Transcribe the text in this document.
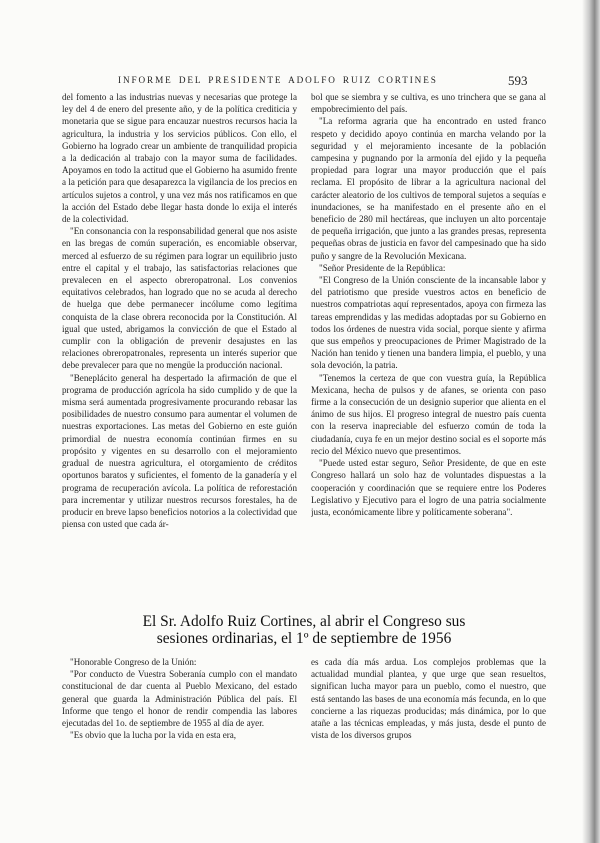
INFORME DEL PRESIDENTE ADOLFO RUIZ CORTINES	593

del fomento a las industrias nuevas y necesarias que protege la ley del 4 de enero del presente año, y de la política crediticia y monetaria que se sigue para encauzar nuestros recursos hacia la agricultura, la industria y los servicios públicos. Con ello, el Gobierno ha logrado crear un ambiente de tranquilidad propicia a la dedicación al trabajo con la mayor suma de facilidades. Apoyamos en todo la actitud que el Gobierno ha asumido frente a la petición para que desaparezca la vigilancia de los precios en artículos sujetos a control, y una vez más nos ratificamos en que la acción del Estado debe llegar hasta donde lo exija el interés de la colectividad.

"En consonancia con la responsabilidad general que nos asiste en las bregas de común superación, es encomiable observar, merced al esfuerzo de su régimen para lograr un equilibrio justo entre el capital y el trabajo, las satisfactorias relaciones que prevalecen en el aspecto obreropatronal. Los convenios equitativos celebrados, han logrado que no se acuda al derecho de huelga que debe permanecer incólume como legítima conquista de la clase obrera reconocida por la Constitución. Al igual que usted, abrigamos la convicción de que el Estado al cumplir con la obligación de prevenir desajustes en las relaciones obreropatronales, representa un interés superior que debe prevalecer para que no mengüe la producción nacional.

"Beneplácito general ha despertado la afirmación de que el programa de producción agrícola ha sido cumplido y de que la misma será aumentada progresivamente procurando rebasar las posibilidades de nuestro consumo para aumentar el volumen de nuestras exportaciones. Las metas del Gobierno en este guión primordial de nuestra economía continúan firmes en su propósito y vigentes en su desarrollo con el mejoramiento gradual de nuestra agricultura, el otorgamiento de créditos oportunos baratos y suficientes, el fomento de la ganadería y el programa de recuperación avícola. La política de reforestación para incrementar y utilizar nuestros recursos forestales, ha de producir en breve lapso beneficios notorios a la colectividad que piensa con usted que cada ár-

bol que se siembra y se cultiva, es uno trinchera que se gana al empobrecimiento del país.

"La reforma agraria que ha encontrado en usted franco respeto y decidido apoyo continúa en marcha velando por la seguridad y el mejoramiento incesante de la población campesina y pugnando por la armonía del ejido y la pequeña propiedad para lograr una mayor producción que el país reclama. El propósito de librar a la agricultura nacional del carácter aleatorio de los cultivos de temporal sujetos a sequías e inundaciones, se ha manifestado en el presente año en el beneficio de 280 mil hectáreas, que incluyen un alto porcentaje de pequeña irrigación, que junto a las grandes presas, representa pequeñas obras de justicia en favor del campesinado que ha sido puño y sangre de la Revolución Mexicana.

"Señor Presidente de la República:

"El Congreso de la Unión consciente de la incansable labor y del patriotismo que preside vuestros actos en beneficio de nuestros compatriotas aquí representados, apoya con firmeza las tareas emprendidas y las medidas adoptadas por su Gobierno en todos los órdenes de nuestra vida social, porque siente y afirma que sus empeños y preocupaciones de Primer Magistrado de la Nación han tenido y tienen una bandera limpia, el pueblo, y una sola devoción, la patria.

"Tenemos la certeza de que con vuestra guía, la República Mexicana, hecha de pulsos y de afanes, se orienta con paso firme a la consecución de un designio superior que alienta en el ánimo de sus hijos. El progreso integral de nuestro país cuenta con la reserva inapreciable del esfuerzo común de toda la ciudadanía, cuya fe en un mejor destino social es el soporte más recio del México nuevo que presentimos.

"Puede usted estar seguro, Señor Presidente, de que en este Congreso hallará un solo haz de voluntades dispuestas a la cooperación y coordinación que se requiere entre los Poderes Legislativo y Ejecutivo para el logro de una patria socialmente justa, económicamente libre y políticamente soberana".

El Sr. Adolfo Ruiz Cortines, al abrir el Congreso sus
sesiones ordinarias, el 1º de septiembre de 1956

"Honorable Congreso de la Unión:

"Por conducto de Vuestra Soberanía cumplo con el mandato constitucional de dar cuenta al Pueblo Mexicano, del estado general que guarda la Administración Pública del país. El Informe que tengo el honor de rendir compendia las labores ejecutadas del 1o. de septiembre de 1955 al día de ayer.

"Es obvio que la lucha por la vida en esta era,

es cada día más ardua. Los complejos problemas que la actualidad mundial plantea, y que urge que sean resueltos, significan lucha mayor para un pueblo, como el nuestro, que está sentando las bases de una economía más fecunda, en lo que concierne a las riquezas producidas; más dinámica, por lo que atañe a las técnicas empleadas, y más justa, desde el punto de vista de los diversos grupos
